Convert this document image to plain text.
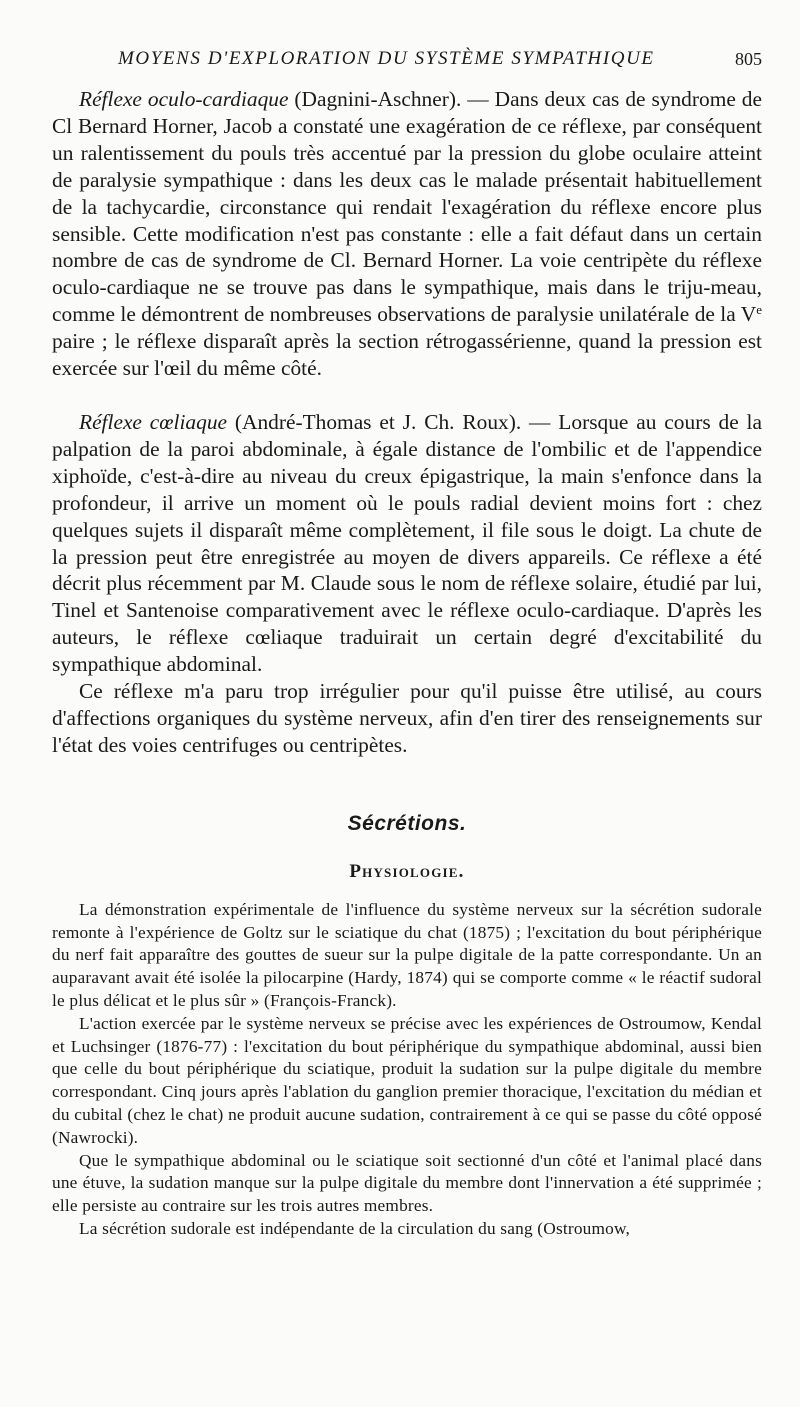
MOYENS D'EXPLORATION DU SYSTÈME SYMPATHIQUE	805

Réflexe oculo-cardiaque (Dagnini-Aschner). — Dans deux cas de syndrome de Cl Bernard Horner, Jacob a constaté une exagération de ce réflexe, par conséquent un ralentissement du pouls très accentué par la pression du globe oculaire atteint de paralysie sympathique : dans les deux cas le malade présentait habituellement de la tachycardie, circonstance qui rendait l'exagération du réflexe encore plus sensible. Cette modification n'est pas constante : elle a fait défaut dans un certain nombre de cas de syndrome de Cl. Bernard Horner. La voie centripète du réflexe oculo-cardiaque ne se trouve pas dans le sympathique, mais dans le triju-meau, comme le démontrent de nombreuses observations de paralysie unilatérale de la Ve paire ; le réflexe disparaît après la section rétrogassérienne, quand la pression est exercée sur l'œil du même côté.

Réflexe cœliaque (André-Thomas et J. Ch. Roux). — Lorsque au cours de la palpation de la paroi abdominale, à égale distance de l'ombilic et de l'appendice xiphoïde, c'est-à-dire au niveau du creux épigastrique, la main s'enfonce dans la profondeur, il arrive un moment où le pouls radial devient moins fort : chez quelques sujets il disparaît même complètement, il file sous le doigt. La chute de la pression peut être enregistrée au moyen de divers appareils. Ce réflexe a été décrit plus récemment par M. Claude sous le nom de réflexe solaire, étudié par lui, Tinel et Santenoise comparativement avec le réflexe oculo-cardiaque. D'après les auteurs, le réflexe cœliaque traduirait un certain degré d'excitabilité du sympathique abdominal.

Ce réflexe m'a paru trop irrégulier pour qu'il puisse être utilisé, au cours d'affections organiques du système nerveux, afin d'en tirer des renseignements sur l'état des voies centrifuges ou centripètes.

Sécrétions.
Physiologie.

La démonstration expérimentale de l'influence du système nerveux sur la sécrétion sudorale remonte à l'expérience de Goltz sur le sciatique du chat (1875) ; l'excitation du bout périphérique du nerf fait apparaître des gouttes de sueur sur la pulpe digitale de la patte correspondante. Un an auparavant avait été isolée la pilocarpine (Hardy, 1874) qui se comporte comme « le réactif sudoral le plus délicat et le plus sûr » (François-Franck).

L'action exercée par le système nerveux se précise avec les expériences de Ostroumow, Kendal et Luchsinger (1876-77) : l'excitation du bout périphérique du sympathique abdominal, aussi bien que celle du bout périphérique du sciatique, produit la sudation sur la pulpe digitale du membre correspondant. Cinq jours après l'ablation du ganglion premier thoracique, l'excitation du médian et du cubital (chez le chat) ne produit aucune sudation, contrairement à ce qui se passe du côté opposé (Nawrocki).

Que le sympathique abdominal ou le sciatique soit sectionné d'un côté et l'animal placé dans une étuve, la sudation manque sur la pulpe digitale du membre dont l'innervation a été supprimée ; elle persiste au contraire sur les trois autres membres.

La sécrétion sudorale est indépendante de la circulation du sang (Ostroumow,
